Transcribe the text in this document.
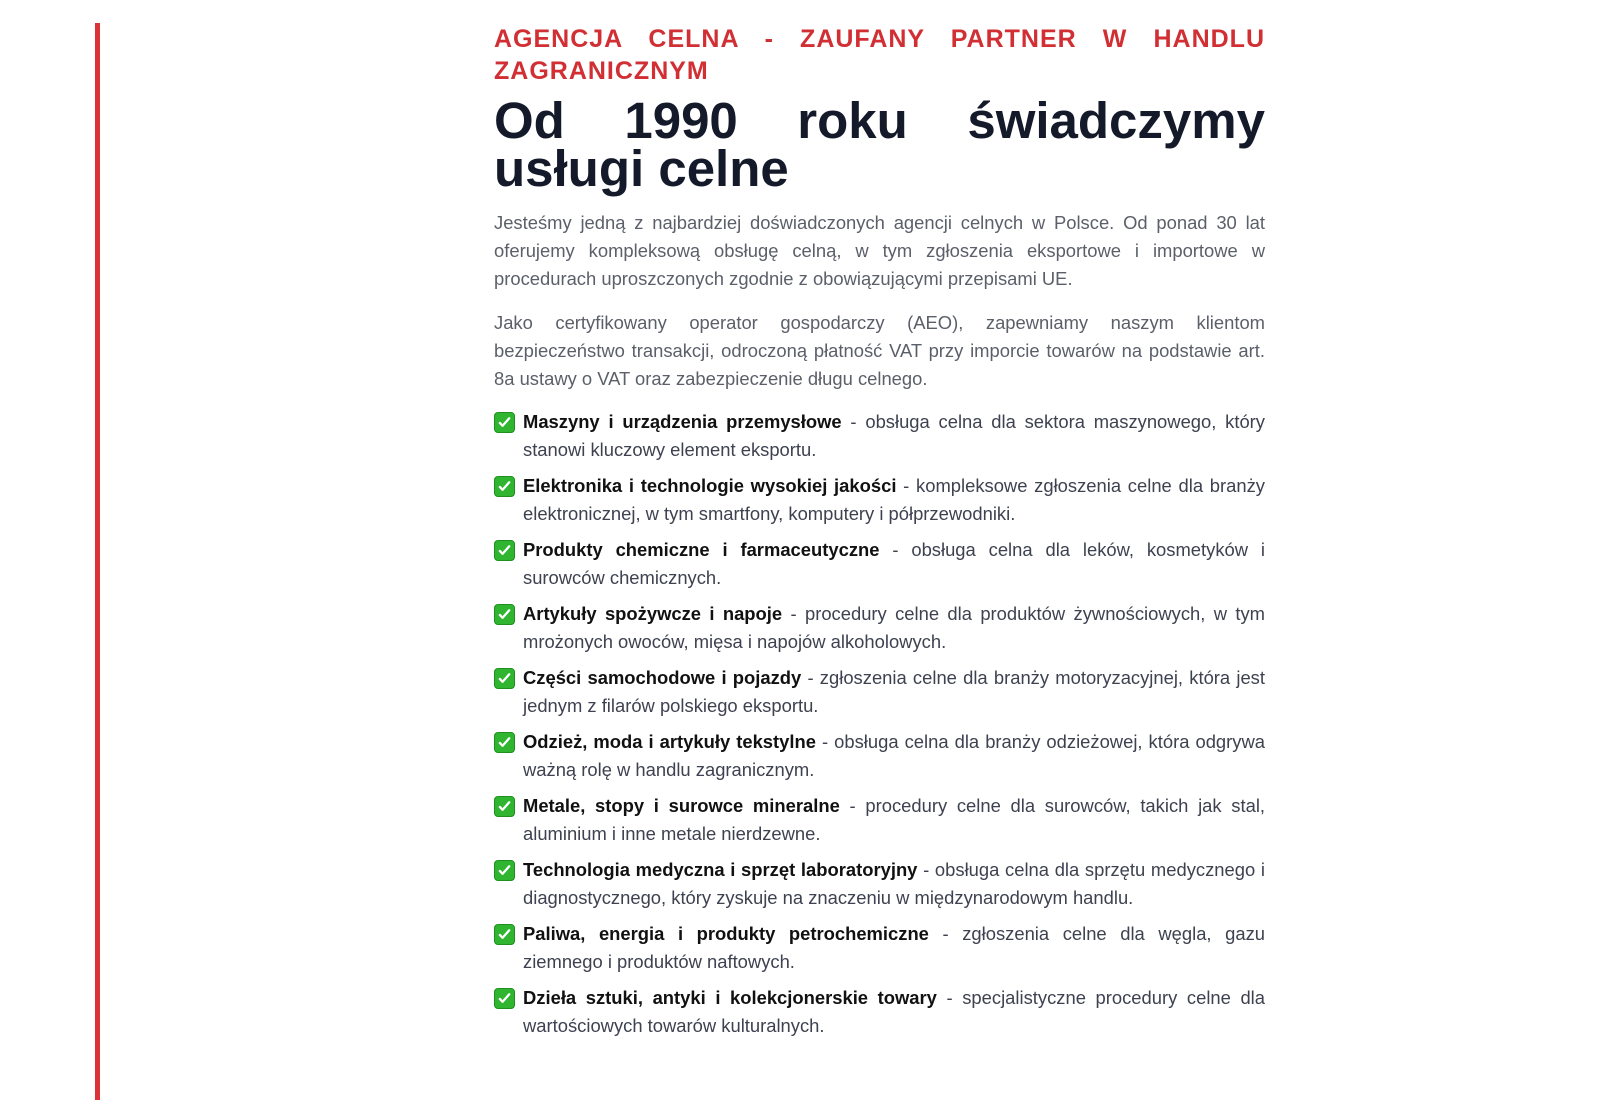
AGENCJA CELNA - ZAUFANY PARTNER W HANDLU ZAGRANICZNYM
Od 1990 roku świadczymy usługi celne

Jesteśmy jedną z najbardziej doświadczonych agencji celnych w Polsce. Od ponad 30 lat oferujemy kompleksową obsługę celną, w tym zgłoszenia eksportowe i importowe w procedurach uproszczonych zgodnie z obowiązującymi przepisami UE.

Jako certyfikowany operator gospodarczy (AEO), zapewniamy naszym klientom bezpieczeństwo transakcji, odroczoną płatność VAT przy imporcie towarów na podstawie art. 8a ustawy o VAT oraz zabezpieczenie długu celnego.

Maszyny i urządzenia przemysłowe - obsługa celna dla sektora maszynowego, który stanowi kluczowy element eksportu.
Elektronika i technologie wysokiej jakości - kompleksowe zgłoszenia celne dla branży elektronicznej, w tym smartfony, komputery i półprzewodniki.
Produkty chemiczne i farmaceutyczne - obsługa celna dla leków, kosmetyków i surowców chemicznych.
Artykuły spożywcze i napoje - procedury celne dla produktów żywnościowych, w tym mrożonych owoców, mięsa i napojów alkoholowych.
Części samochodowe i pojazdy - zgłoszenia celne dla branży motoryzacyjnej, która jest jednym z filarów polskiego eksportu.
Odzież, moda i artykuły tekstylne - obsługa celna dla branży odzieżowej, która odgrywa ważną rolę w handlu zagranicznym.
Metale, stopy i surowce mineralne - procedury celne dla surowców, takich jak stal, aluminium i inne metale nierdzewne.
Technologia medyczna i sprzęt laboratoryjny - obsługa celna dla sprzętu medycznego i diagnostycznego, który zyskuje na znaczeniu w międzynarodowym handlu.
Paliwa, energia i produkty petrochemiczne - zgłoszenia celne dla węgla, gazu ziemnego i produktów naftowych.
Dzieła sztuki, antyki i kolekcjonerskie towary - specjalistyczne procedury celne dla wartościowych towarów kulturalnych.
